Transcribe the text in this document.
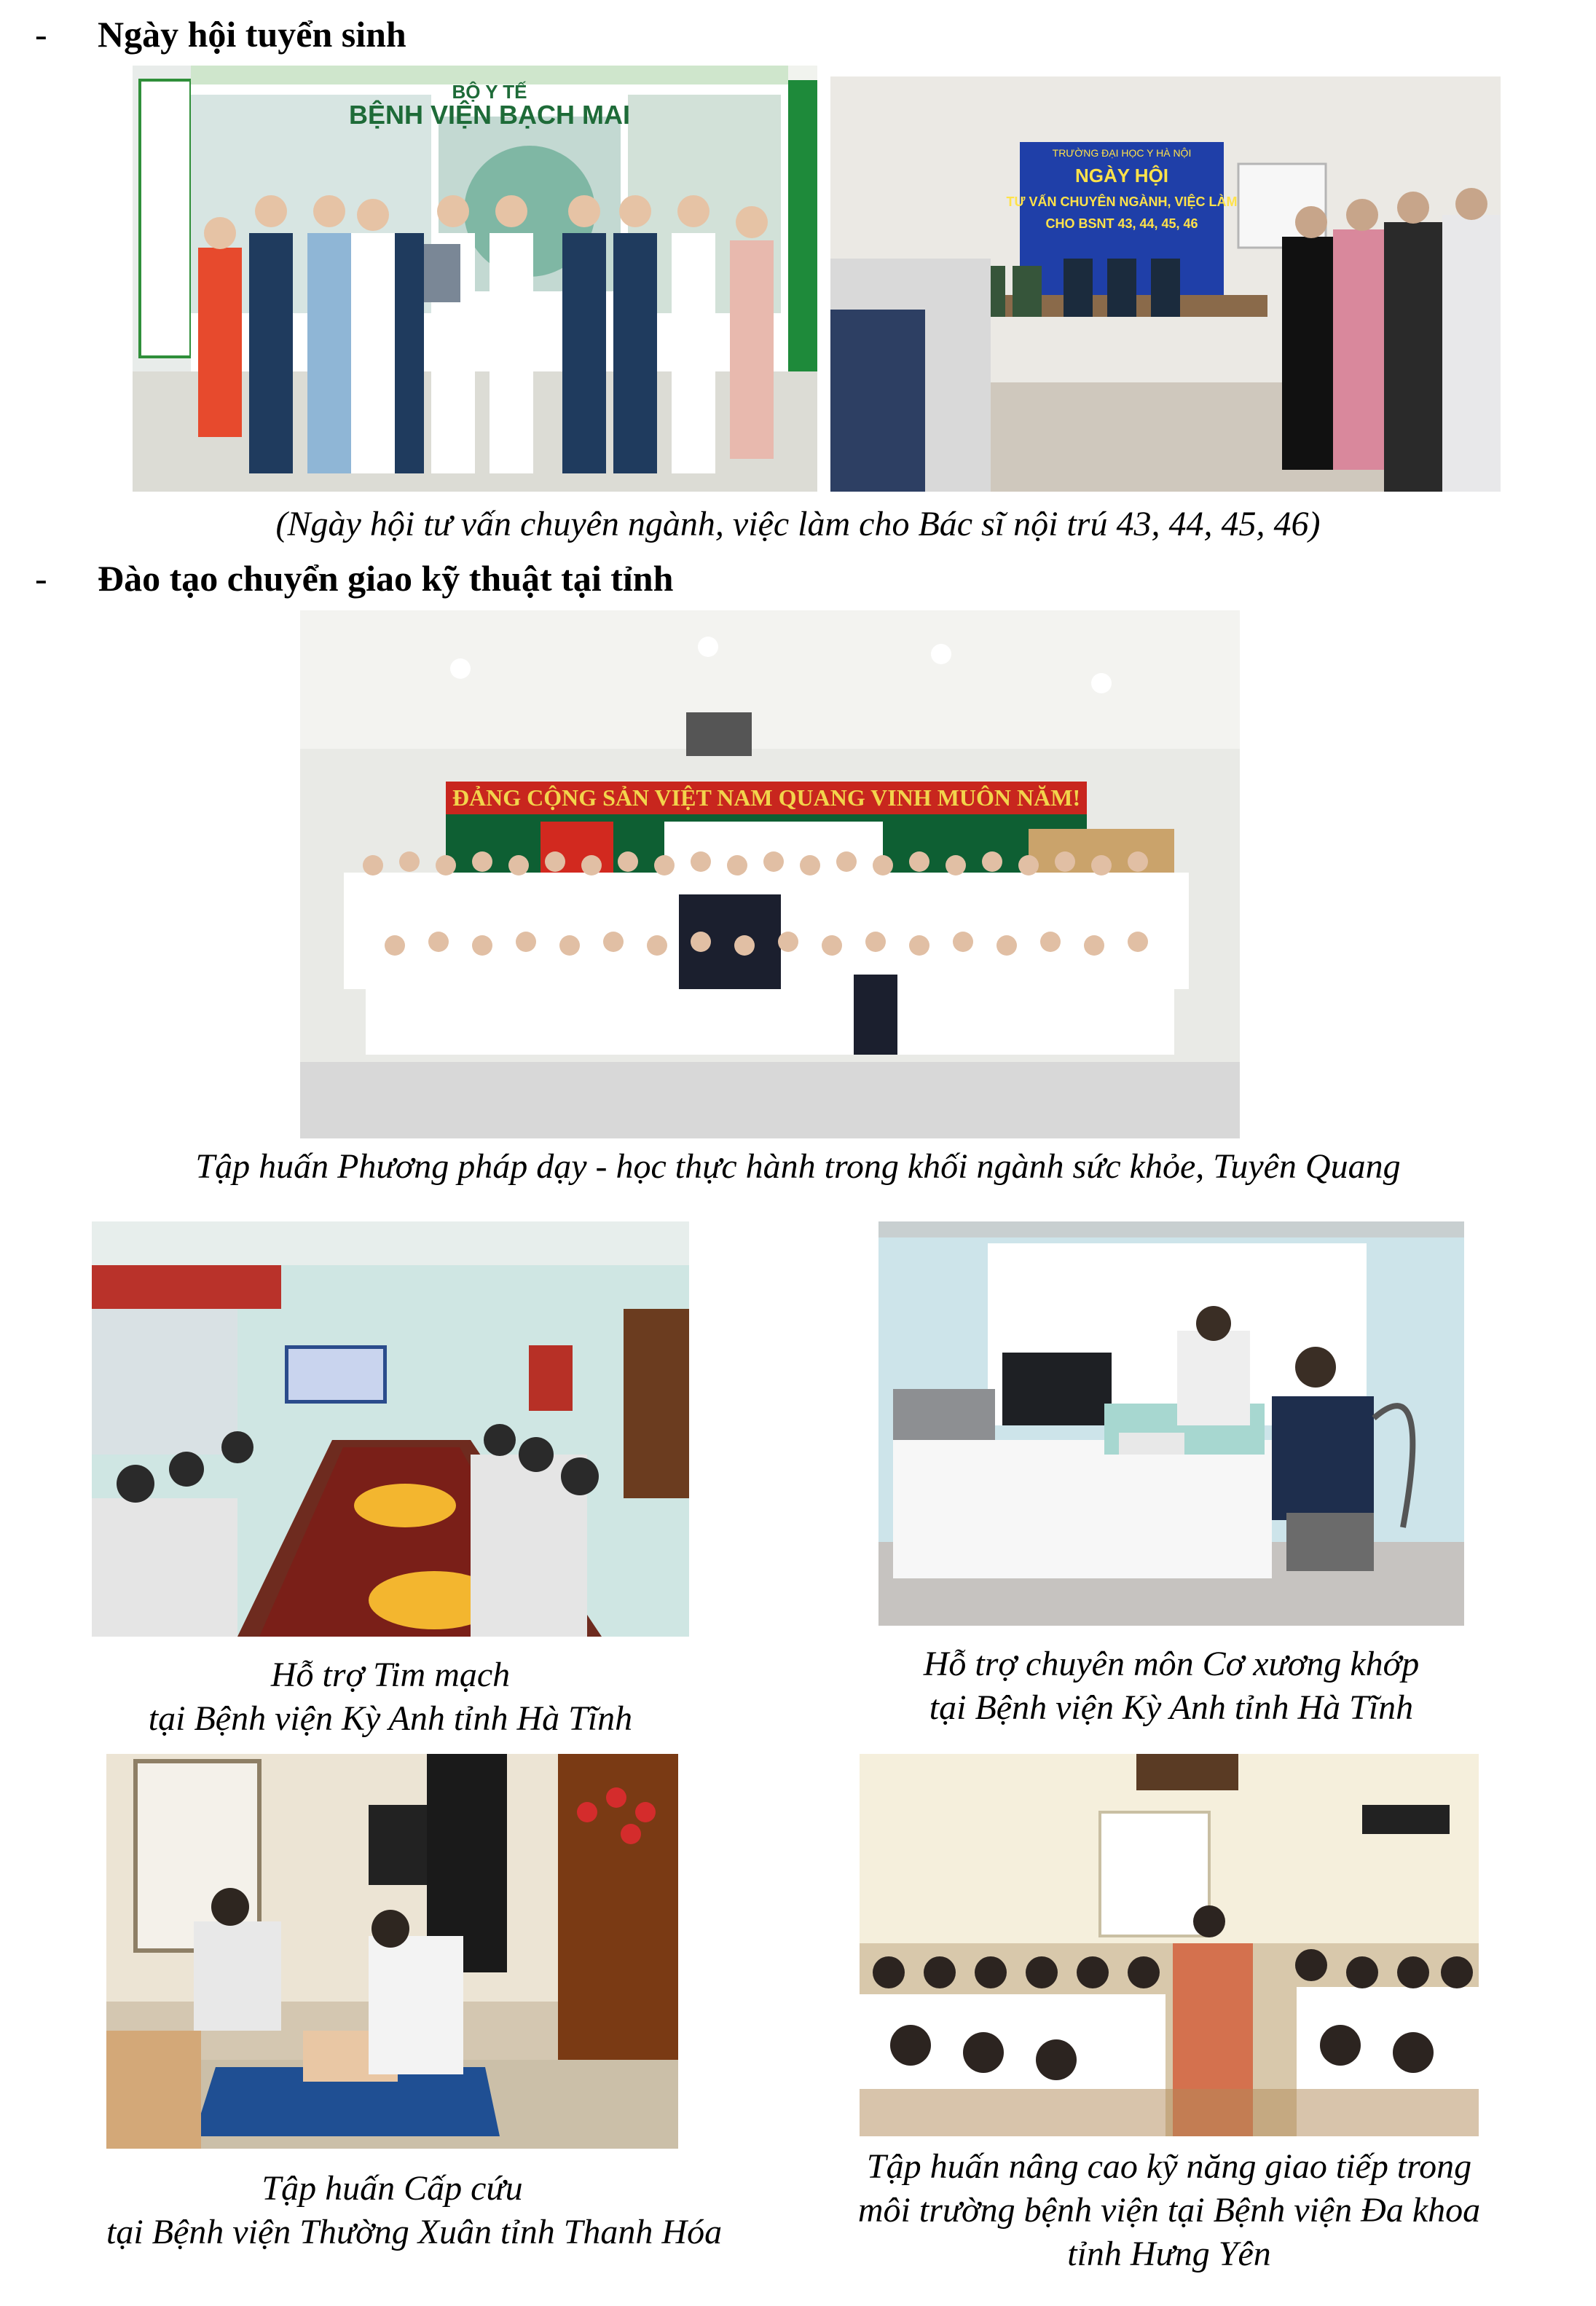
- Ngày hội tuyển sinh
BỘ Y TẾ
BỆNH VIỆN BẠCH MAI
TRƯỜNG ĐẠI HỌC Y HÀ NỘI
NGÀY HỘI
TƯ VẤN CHUYÊN NGÀNH, VIỆC LÀM
CHO BSNT 43, 44, 45, 46
(Ngày hội tư vấn chuyên ngành, việc làm cho Bác sĩ nội trú 43, 44, 45, 46)
- Đào tạo chuyển giao kỹ thuật tại tỉnh
ĐẢNG CỘNG SẢN VIỆT NAM QUANG VINH MUÔN NĂM!
Tập huấn Phương pháp dạy - học thực hành trong khối ngành sức khỏe, Tuyên Quang
Hỗ trợ Tim mạch
tại Bệnh viện Kỳ Anh tỉnh Hà Tĩnh
Hỗ trợ chuyên môn Cơ xương khớp
tại Bệnh viện Kỳ Anh tỉnh Hà Tĩnh
Tập huấn Cấp cứu
tại Bệnh viện Thường Xuân tỉnh Thanh Hóa
Tập huấn nâng cao kỹ năng giao tiếp trong
môi trường bệnh viện tại Bệnh viện Đa khoa
tỉnh Hưng Yên
